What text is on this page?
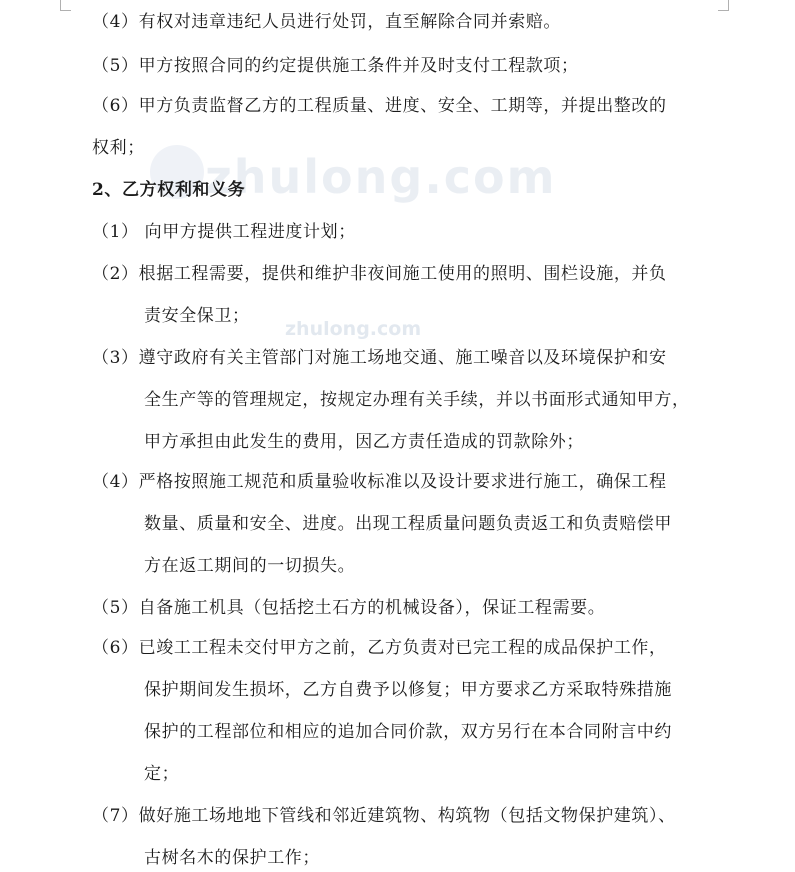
zhulong.com
zhulong.com
（4）有权对违章违纪人员进行处罚，直至解除合同并索赔。
（5）甲方按照合同的约定提供施工条件并及时支付工程款项；
（6）甲方负责监督乙方的工程质量、进度、安全、工期等，并提出整改的
权利；
2、乙方权利和义务
（1） 向甲方提供工程进度计划；
（2）根据工程需要，提供和维护非夜间施工使用的照明、围栏设施，并负
责安全保卫；
（3）遵守政府有关主管部门对施工场地交通、施工噪音以及环境保护和安
全生产等的管理规定，按规定办理有关手续，并以书面形式通知甲方，
甲方承担由此发生的费用，因乙方责任造成的罚款除外；
（4）严格按照施工规范和质量验收标准以及设计要求进行施工，确保工程
数量、质量和安全、进度。出现工程质量问题负责返工和负责赔偿甲
方在返工期间的一切损失。
（5）自备施工机具（包括挖土石方的机械设备），保证工程需要。
（6）已竣工工程未交付甲方之前，乙方负责对已完工程的成品保护工作，
保护期间发生损坏，乙方自费予以修复；甲方要求乙方采取特殊措施
保护的工程部位和相应的追加合同价款，双方另行在本合同附言中约
定；
（7）做好施工场地地下管线和邻近建筑物、构筑物（包括文物保护建筑）、
古树名木的保护工作；
